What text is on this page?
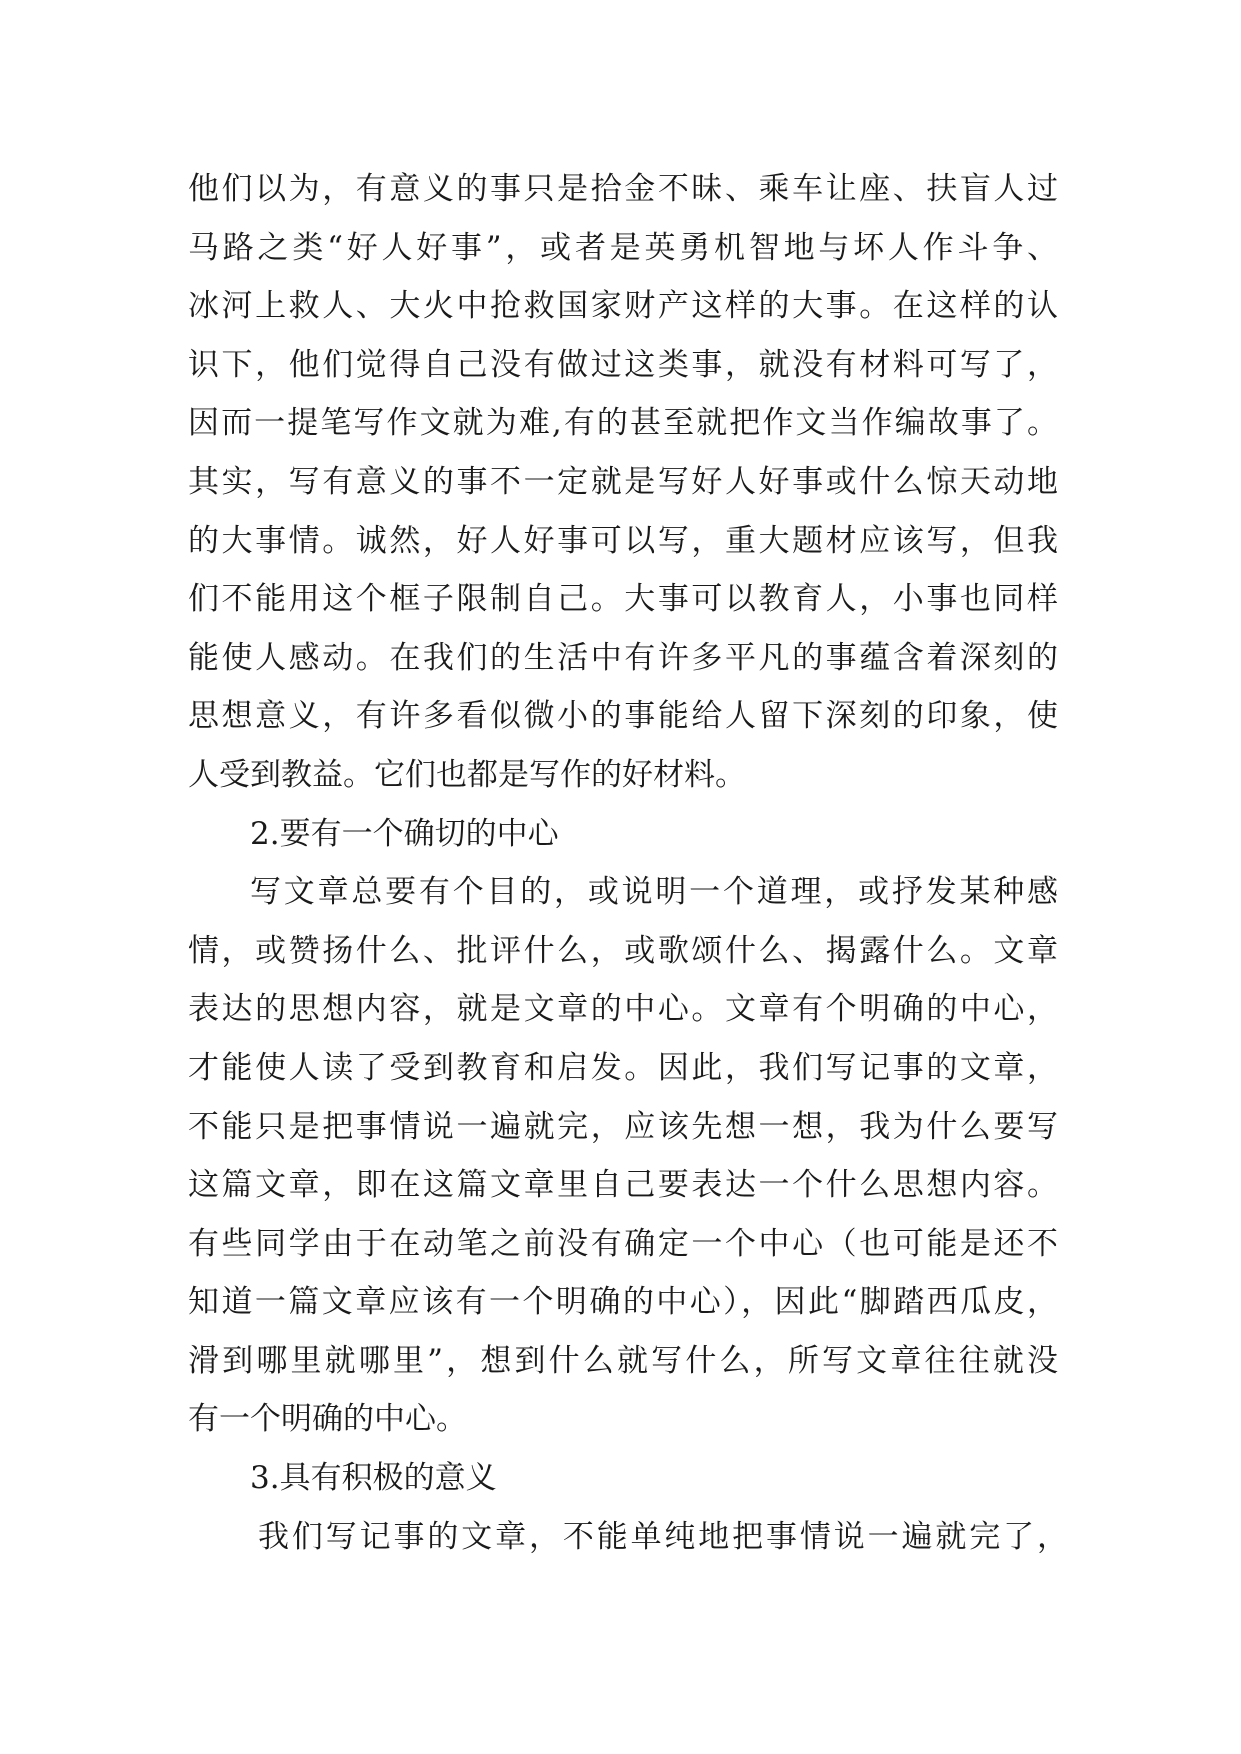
他们以为，有意义的事只是拾金不昧、乘车让座、扶盲人过
马路之类“好人好事”，或者是英勇机智地与坏人作斗争、
冰河上救人、大火中抢救国家财产这样的大事。在这样的认
识下，他们觉得自己没有做过这类事，就没有材料可写了，
因而一提笔写作文就为难,有的甚至就把作文当作编故事了。
其实，写有意义的事不一定就是写好人好事或什么惊天动地
的大事情。诚然，好人好事可以写，重大题材应该写，但我
们不能用这个框子限制自己。大事可以教育人，小事也同样
能使人感动。在我们的生活中有许多平凡的事蕴含着深刻的
思想意义，有许多看似微小的事能给人留下深刻的印象，使
人受到教益。它们也都是写作的好材料。
2.要有一个确切的中心
写文章总要有个目的，或说明一个道理，或抒发某种感
情，或赞扬什么、批评什么，或歌颂什么、揭露什么。文章
表达的思想内容，就是文章的中心。文章有个明确的中心，
才能使人读了受到教育和启发。因此，我们写记事的文章，
不能只是把事情说一遍就完，应该先想一想，我为什么要写
这篇文章，即在这篇文章里自己要表达一个什么思想内容。
有些同学由于在动笔之前没有确定一个中心（也可能是还不
知道一篇文章应该有一个明确的中心），因此“脚踏西瓜皮，
滑到哪里就哪里”，想到什么就写什么，所写文章往往就没
有一个明确的中心。
3.具有积极的意义
我们写记事的文章，不能单纯地把事情说一遍就完了，
